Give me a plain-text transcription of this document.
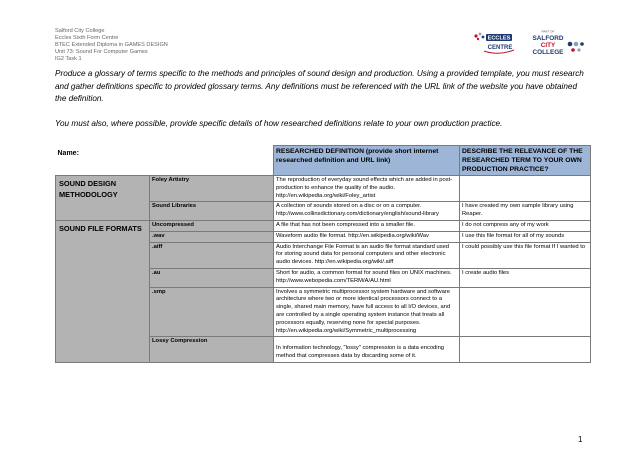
Salford City College
Eccles Sixth Form Centre
BTEC Extended Diploma in GAMES DESIGN
Unit 73: Sound For Computer Games
IG2 Task 1
ECCLES
CENTRE
PART OF
SALFORD
CITY
COLLEGE

Produce a glossary of terms specific to the methods and principles of sound design and production. Using a provided template, you must research and gather definitions specific to provided glossary terms. Any definitions must be referenced with the URL link of the website you have obtained the definition.

You must also, where possible, provide specific details of how researched definitions relate to your own production practice.

Name:		RESEARCHED DEFINITION (provide short internet researched definition and URL link)	DESCRIBE THE RELEVANCE OF THE RESEARCHED TERM TO YOUR OWN PRODUCTION PRACTICE?
SOUND DESIGN METHODOLOGY	Foley Artistry	The reproduction of everyday sound effects which are added in post-production to enhance the quality of the audio. http://en.wikipedia.org/wiki/Foley_artist	
	Sound Libraries	A collection of sounds stored on a disc or on a computer. http://www.collinsdictionary.com/dictionary/english/sound-library	I have created my own sample library using Reaper.
SOUND FILE FORMATS	Uncompressed	A file that has not been compressed into a smaller file.	I do not compress any of my work
	.wav	Waveform audio file format. http://en.wikipedia.org/wiki/Wav	I use this file format for all of my sounds
	.aiff	Audio Interchange File Format is an audio file format standard used for storing sound data for personal computers and other electronic audio devices. http://en.wikipedia.org/wiki/.aiff	I could possibly use this file format If I wanted to
	.au	Short for audio, a common format for sound files on UNIX machines. http://www.webopedia.com/TERM/A/AU.html	I create audio files
	.smp	Involves a symmetric multiprocessor system hardware and software architecture where two or more identical processors connect to a single, shared main memory, have full access to all I/O devices, and are controlled by a single operating system instance that treats all processors equally, reserving none for special purposes. http://en.wikipedia.org/wiki/Symmetric_multiprocessing	
	Lossy Compression	In information technology, "lossy" compression is a data encoding method that compresses data by discarding some of it.	
1
